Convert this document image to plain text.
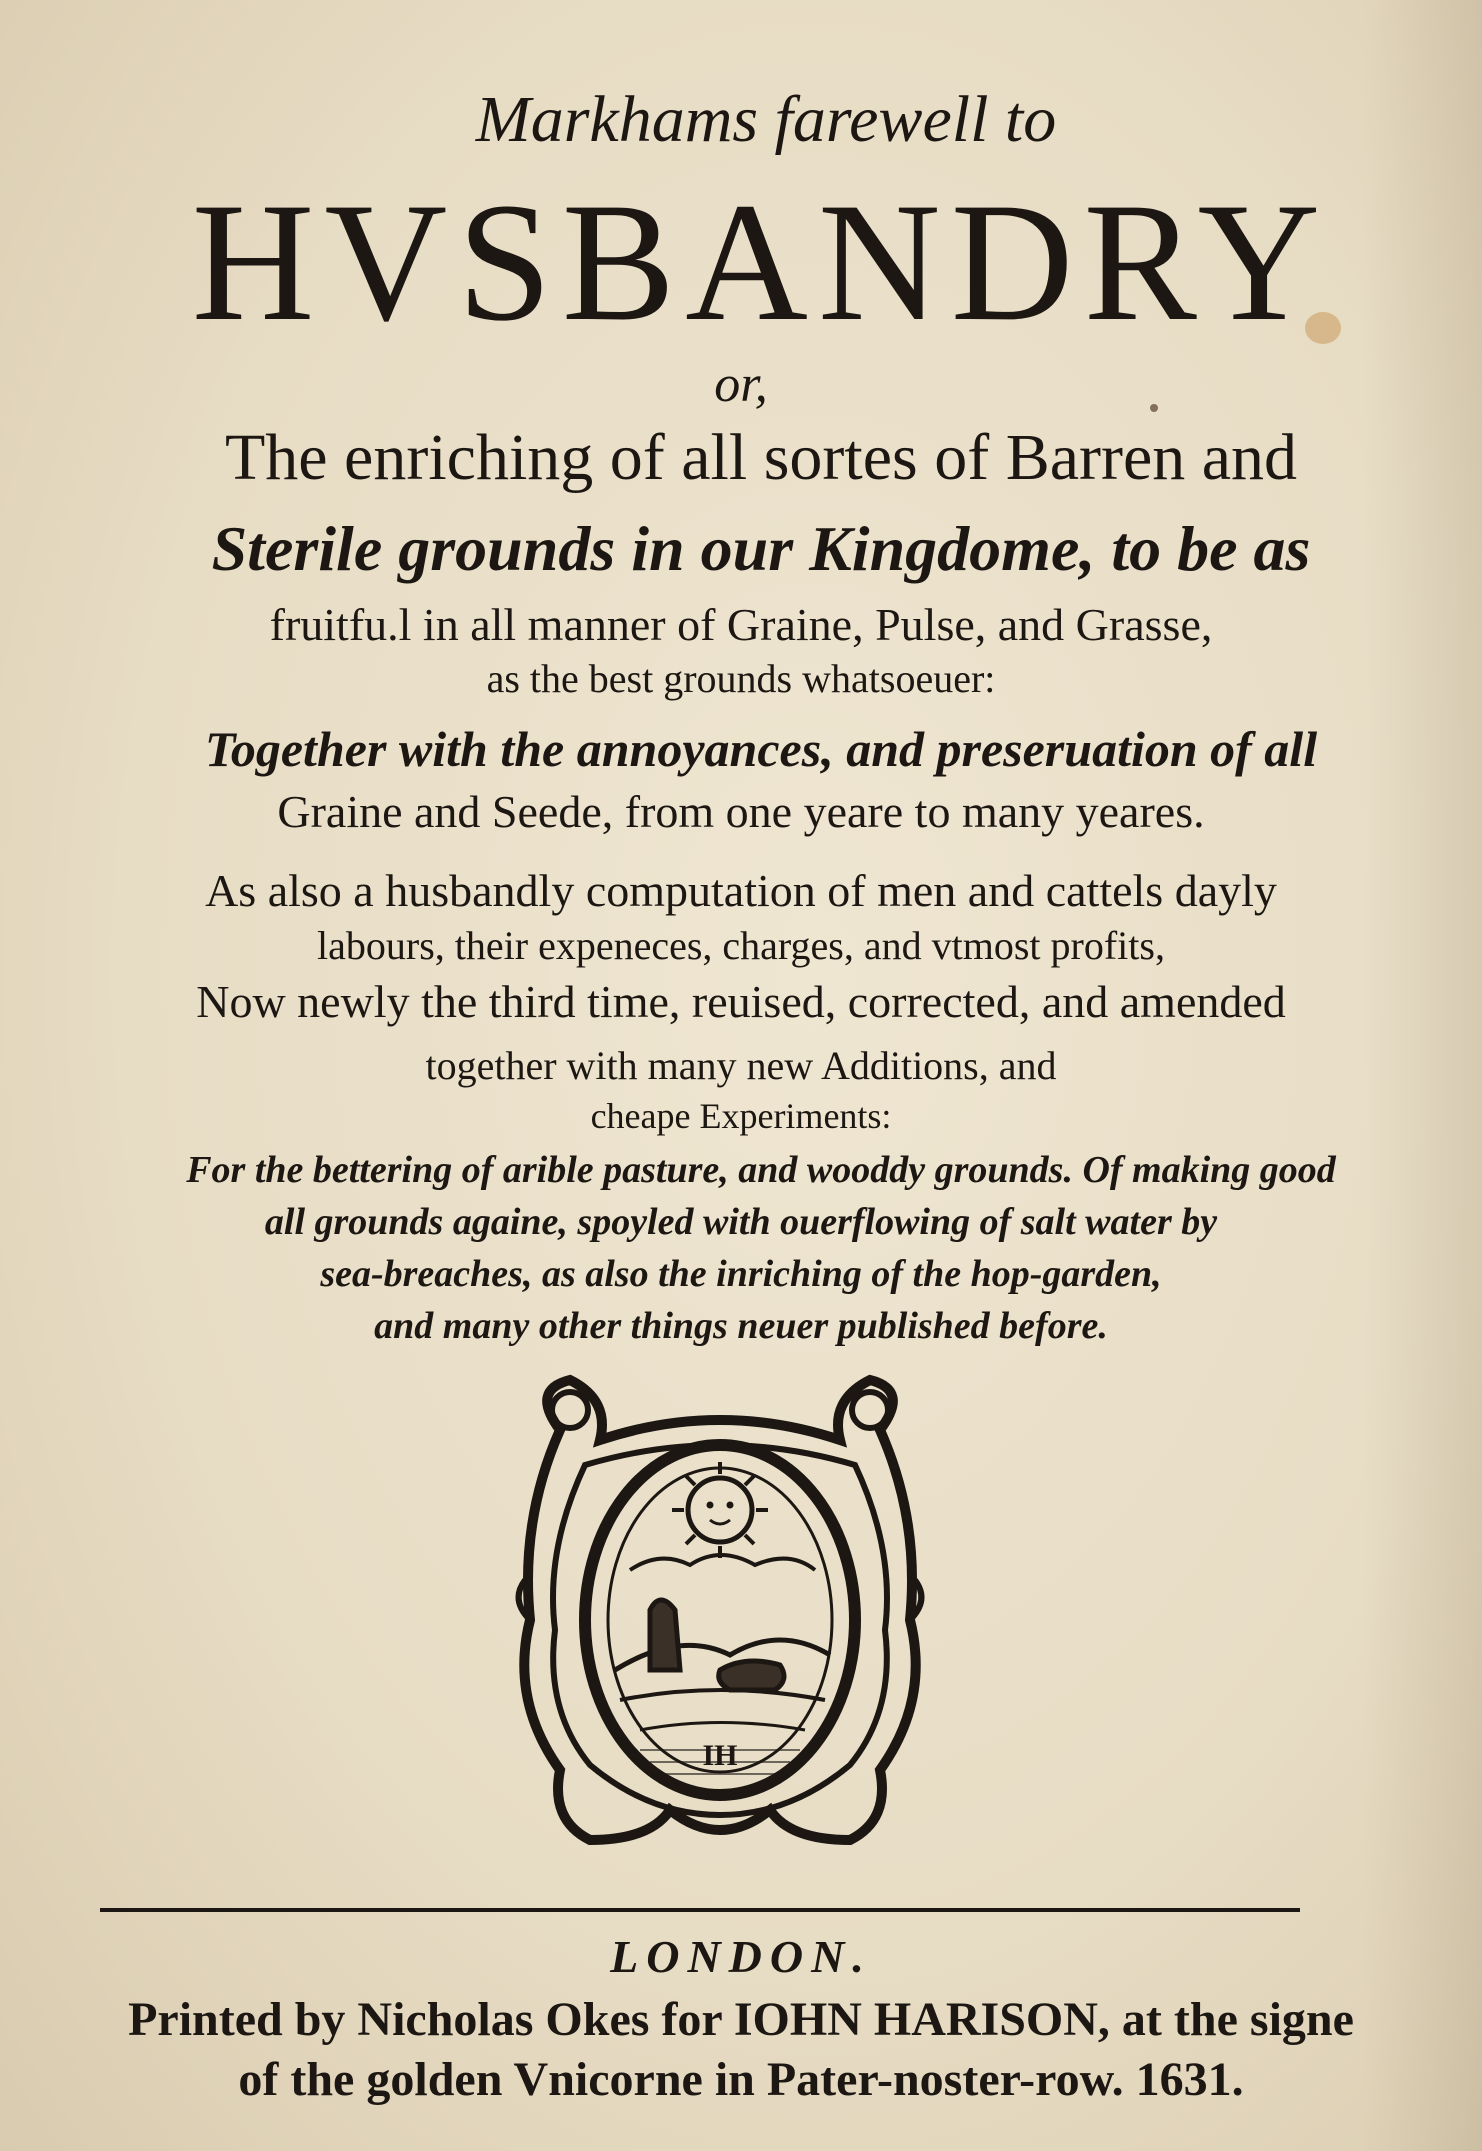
Markhams farewell to
HVSBANDRY
or,
The enriching of all sortes of Barren and
Sterile grounds in our Kingdome, to be as
fruitfu.l in all manner of Graine, Pulse, and Grasse,
as the best grounds whatsoeuer:
Together with the annoyances, and preseruation of all
Graine and Seede, from one yeare to many yeares.
As also a husbandly computation of men and cattels dayly
labours, their expeneces, charges, and vtmost profits,
Now newly the third time, reuised, corrected, and amended
together with many new Additions, and
cheape Experiments:
For the bettering of arible pasture, and wooddy grounds. Of making good
all grounds againe, spoyled with ouerflowing of salt water by
sea-breaches, as also the inriching of the hop-garden,
and many other things neuer published before.
IH
LONDON.
Printed by Nicholas Okes for IOHN HARISON, at the signe
of the golden Vnicorne in Pater-noster-row. 1631.
